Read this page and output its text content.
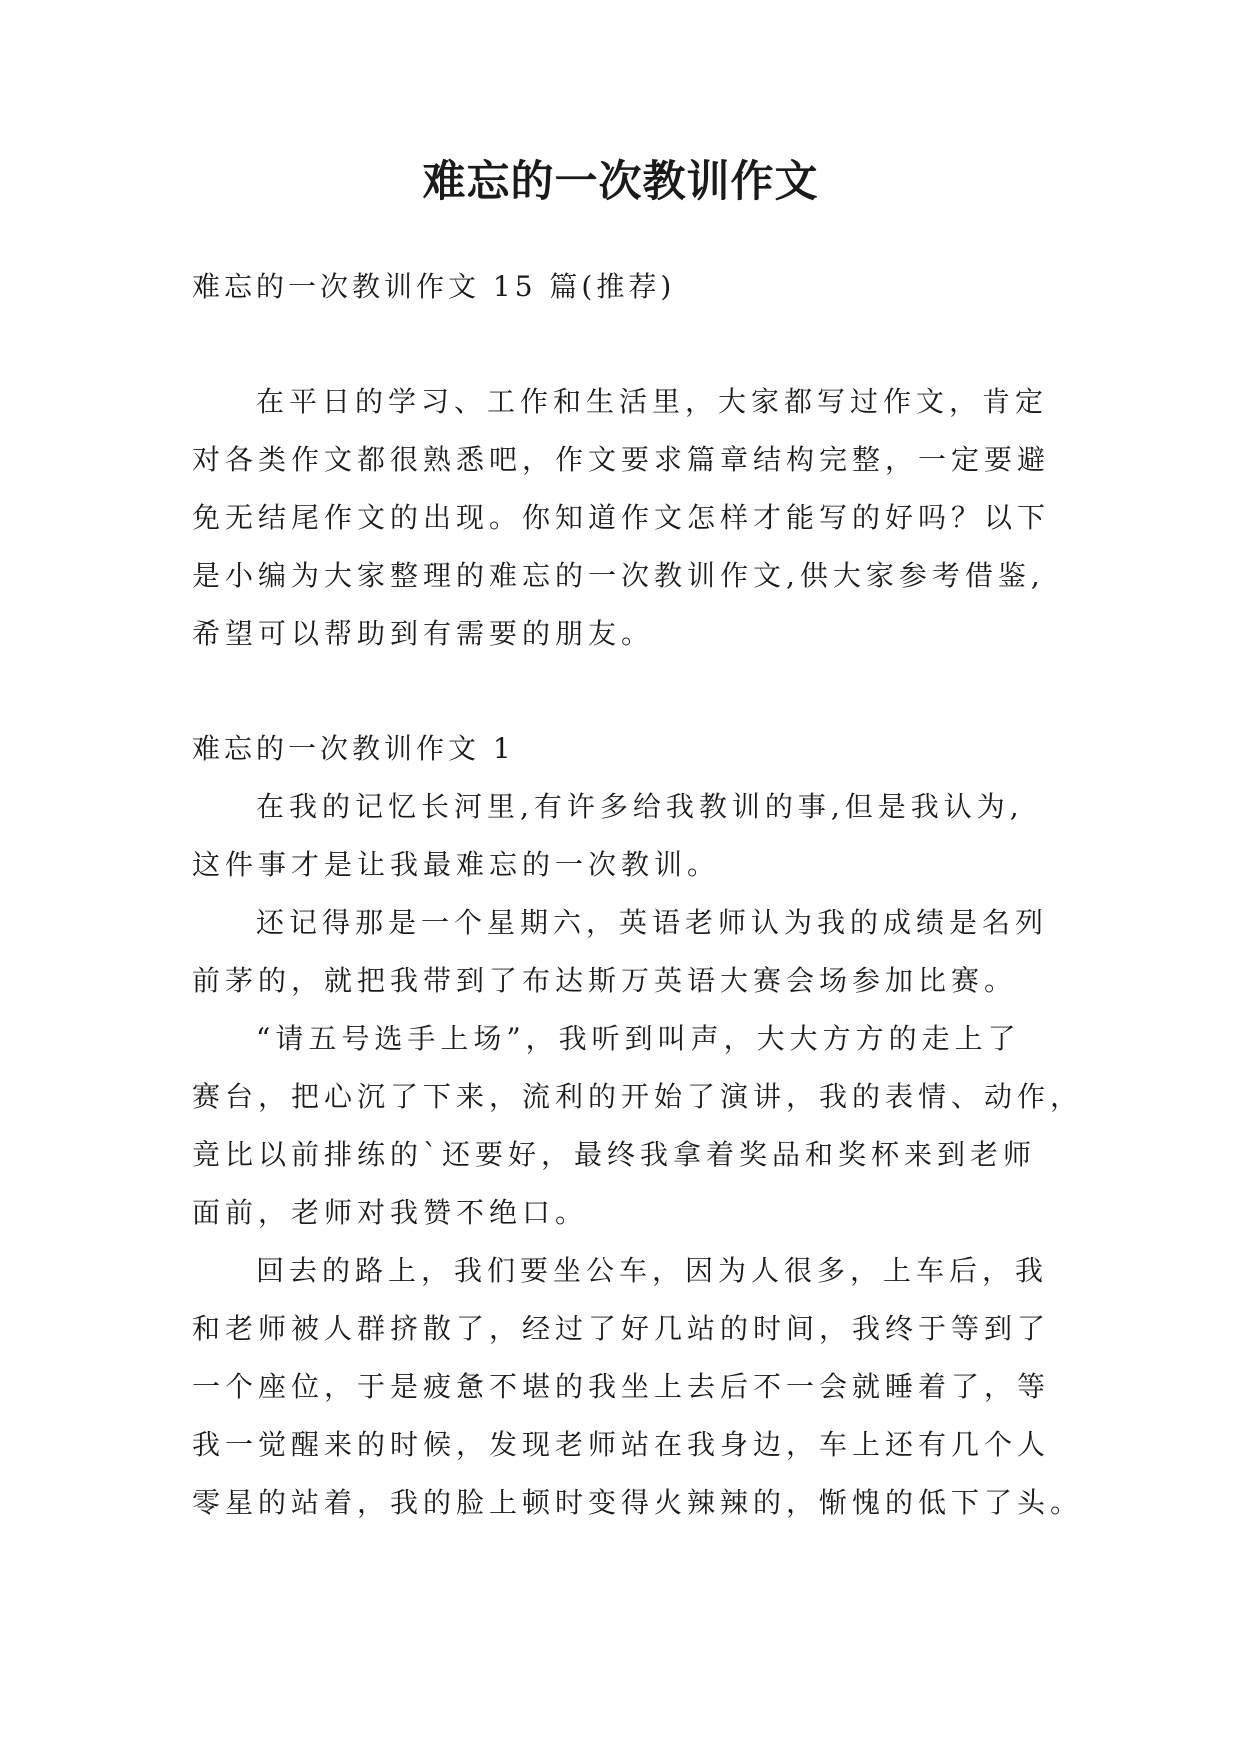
难忘的一次教训作文

难忘的一次教训作文 15 篇(推荐)

在平日的学习、工作和生活里，大家都写过作文，肯定

对各类作文都很熟悉吧，作文要求篇章结构完整，一定要避

免无结尾作文的出现。你知道作文怎样才能写的好吗？以下

是小编为大家整理的难忘的一次教训作文,供大家参考借鉴,

希望可以帮助到有需要的朋友。

难忘的一次教训作文 1

在我的记忆长河里,有许多给我教训的事,但是我认为,

这件事才是让我最难忘的一次教训。

还记得那是一个星期六，英语老师认为我的成绩是名列

前茅的，就把我带到了布达斯万英语大赛会场参加比赛。

“请五号选手上场”，我听到叫声，大大方方的走上了

赛台，把心沉了下来，流利的开始了演讲，我的表情、动作，

竟比以前排练的`还要好，最终我拿着奖品和奖杯来到老师

面前，老师对我赞不绝口。

回去的路上，我们要坐公车，因为人很多，上车后，我

和老师被人群挤散了，经过了好几站的时间，我终于等到了

一个座位，于是疲惫不堪的我坐上去后不一会就睡着了，等

我一觉醒来的时候，发现老师站在我身边，车上还有几个人

零星的站着，我的脸上顿时变得火辣辣的，惭愧的低下了头。
